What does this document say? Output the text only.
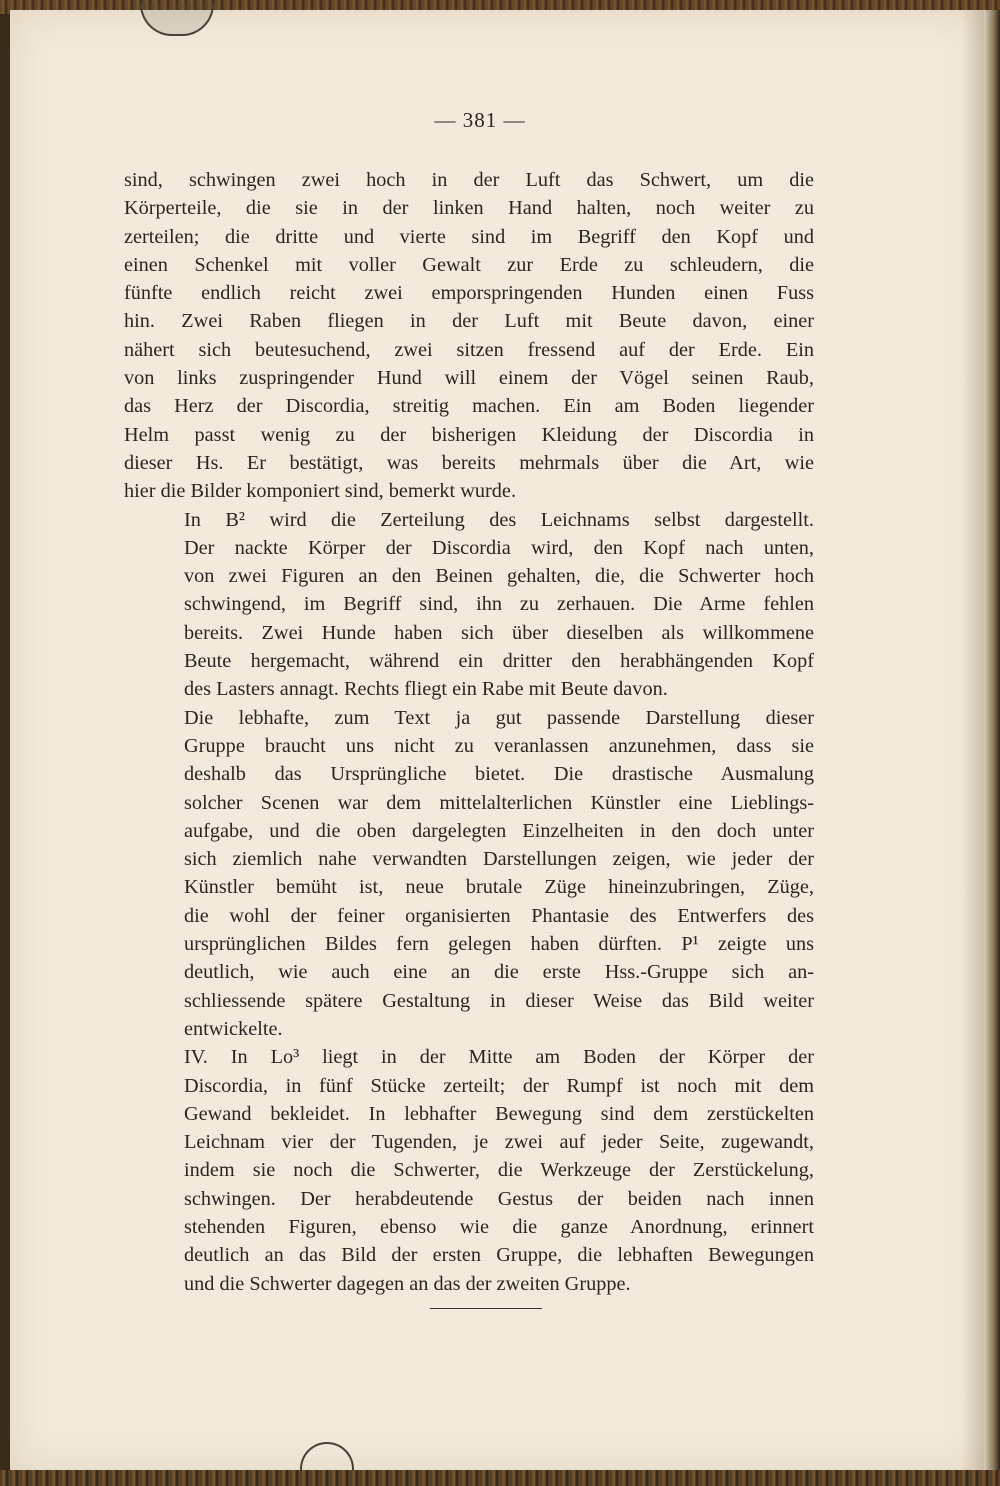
— 381 —

sind, schwingen zwei hoch in der Luft das Schwert, um die
Körperteile, die sie in der linken Hand halten, noch weiter zu
zerteilen; die dritte und vierte sind im Begriff den Kopf und
einen Schenkel mit voller Gewalt zur Erde zu schleudern, die
fünfte endlich reicht zwei emporspringenden Hunden einen Fuss
hin. Zwei Raben fliegen in der Luft mit Beute davon, einer
nähert sich beutesuchend, zwei sitzen fressend auf der Erde. Ein
von links zuspringender Hund will einem der Vögel seinen Raub,
das Herz der Discordia, streitig machen. Ein am Boden liegender
Helm passt wenig zu der bisherigen Kleidung der Discordia in
dieser Hs. Er bestätigt, was bereits mehrmals über die Art, wie
hier die Bilder komponiert sind, bemerkt wurde.

In B² wird die Zerteilung des Leichnams selbst dargestellt.
Der nackte Körper der Discordia wird, den Kopf nach unten,
von zwei Figuren an den Beinen gehalten, die, die Schwerter hoch
schwingend, im Begriff sind, ihn zu zerhauen. Die Arme fehlen
bereits. Zwei Hunde haben sich über dieselben als willkommene
Beute hergemacht, während ein dritter den herabhängenden Kopf
des Lasters annagt. Rechts fliegt ein Rabe mit Beute davon.

Die lebhafte, zum Text ja gut passende Darstellung dieser
Gruppe braucht uns nicht zu veranlassen anzunehmen, dass sie
deshalb das Ursprüngliche bietet. Die drastische Ausmalung
solcher Scenen war dem mittelalterlichen Künstler eine Lieblings-
aufgabe, und die oben dargelegten Einzelheiten in den doch unter
sich ziemlich nahe verwandten Darstellungen zeigen, wie jeder der
Künstler bemüht ist, neue brutale Züge hineinzubringen, Züge,
die wohl der feiner organisierten Phantasie des Entwerfers des
ursprünglichen Bildes fern gelegen haben dürften. P¹ zeigte uns
deutlich, wie auch eine an die erste Hss.-Gruppe sich an-
schliessende spätere Gestaltung in dieser Weise das Bild weiter
entwickelte.

IV. In Lo³ liegt in der Mitte am Boden der Körper der
Discordia, in fünf Stücke zerteilt; der Rumpf ist noch mit dem
Gewand bekleidet. In lebhafter Bewegung sind dem zerstückelten
Leichnam vier der Tugenden, je zwei auf jeder Seite, zugewandt,
indem sie noch die Schwerter, die Werkzeuge der Zerstückelung,
schwingen. Der herabdeutende Gestus der beiden nach innen
stehenden Figuren, ebenso wie die ganze Anordnung, erinnert
deutlich an das Bild der ersten Gruppe, die lebhaften Bewegungen
und die Schwerter dagegen an das der zweiten Gruppe.
